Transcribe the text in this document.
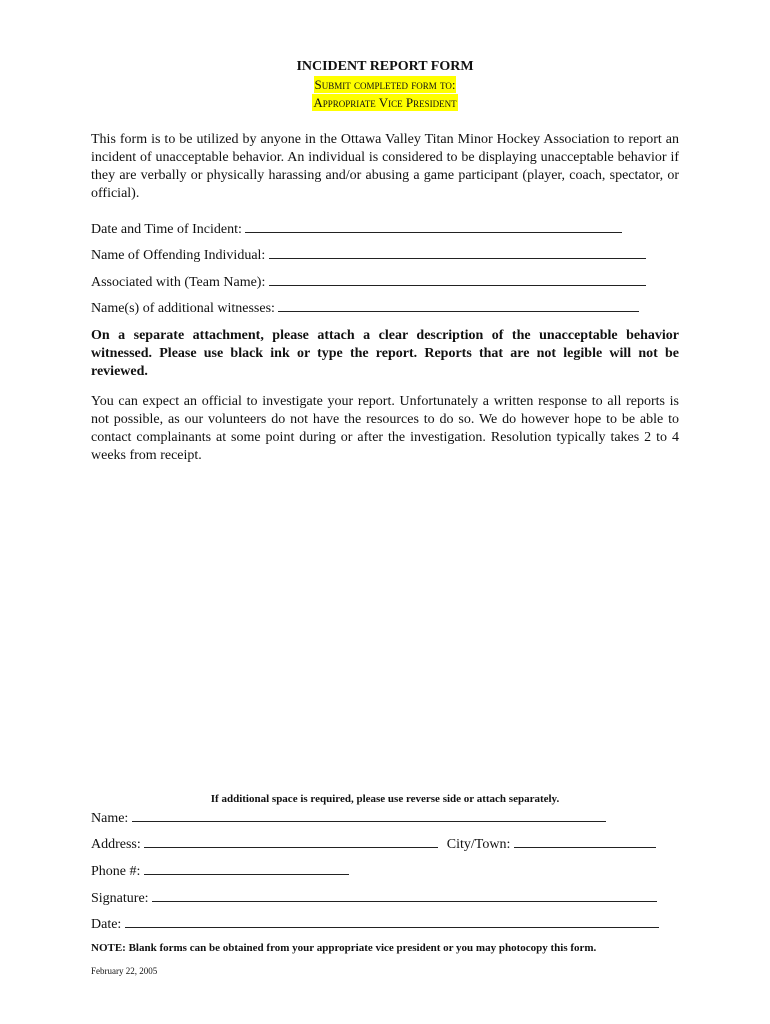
INCIDENT REPORT FORM
Submit completed form to:
Appropriate Vice President
This form is to be utilized by anyone in the Ottawa Valley Titan Minor Hockey Association to report an incident of unacceptable behavior. An individual is considered to be displaying unacceptable behavior if they are verbally or physically harassing and/or abusing a game participant (player, coach, spectator, or official).
Date and Time of Incident:
Name of Offending Individual:
Associated with (Team Name):
Name(s) of additional witnesses:
On a separate attachment, please attach a clear description of the unacceptable behavior witnessed. Please use black ink or type the report. Reports that are not legible will not be reviewed.
You can expect an official to investigate your report. Unfortunately a written response to all reports is not possible, as our volunteers do not have the resources to do so. We do however hope to be able to contact complainants at some point during or after the investigation. Resolution typically takes 2 to 4 weeks from receipt.
If additional space is required, please use reverse side or attach separately.
Name:
Address:	City/Town:
Phone #:
Signature:
Date:
NOTE: Blank forms can be obtained from your appropriate vice president or you may photocopy this form.
February 22, 2005
